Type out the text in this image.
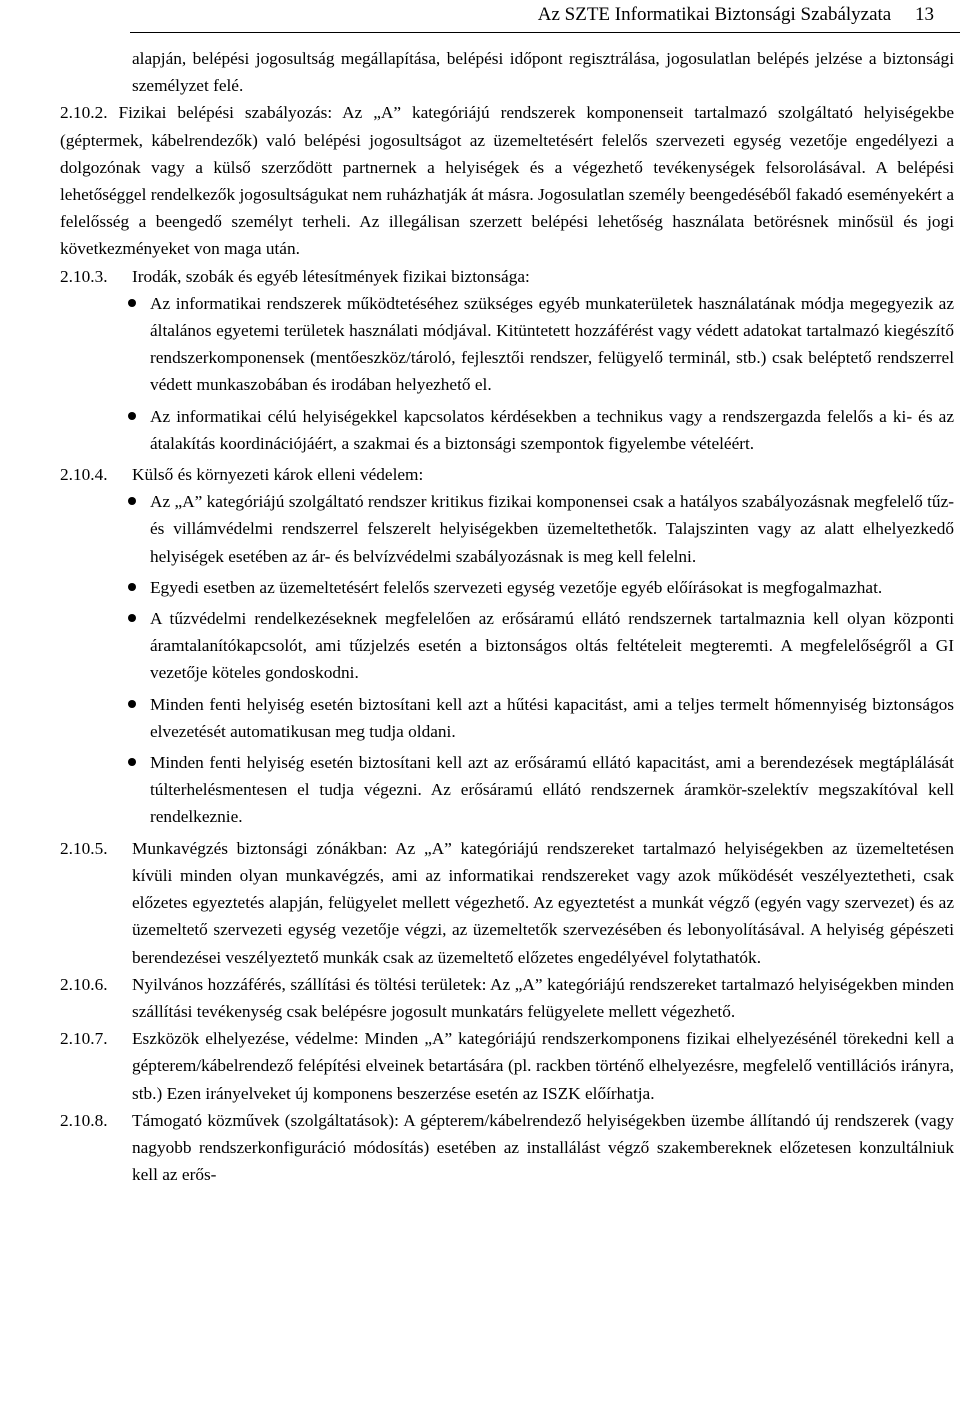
Az SZTE Informatikai Biztonsági Szabályzata 13
alapján, belépési jogosultság megállapítása, belépési időpont regisztrálása, jogosulatlan belépés jelzése a biztonsági személyzet felé.
2.10.2. Fizikai belépési szabályozás: Az „A” kategóriájú rendszerek komponenseit tartalmazó szolgáltató helyiségekbe (géptermek, kábelrendezők) való belépési jogosultságot az üzemeltetésért felelős szervezeti egység vezetője engedélyezi a dolgozónak vagy a külső szerződött partnernek a helyiségek és a végezhető tevékenységek felsorolásával. A belépési lehetőséggel rendelkezők jogosultságukat nem ruházhatják át másra. Jogosulatlan személy beengedéséből fakadó eseményekért a felelősség a beengedő személyt terheli. Az illegálisan szerzett belépési lehetőség használata betörésnek minősül és jogi következményeket von maga után.
2.10.3. Irodák, szobák és egyéb létesítmények fizikai biztonsága:
Az informatikai rendszerek működtetéséhez szükséges egyéb munkaterületek használatának módja megegyezik az általános egyetemi területek használati módjával. Kitüntetett hozzáférést vagy védett adatokat tartalmazó kiegészítő rendszerkomponensek (mentőeszköz/tároló, fejlesztői rendszer, felügyelő terminál, stb.) csak beléptető rendszerrel védett munkaszobában és irodában helyezhető el.
Az informatikai célú helyiségekkel kapcsolatos kérdésekben a technikus vagy a rendszergazda felelős a ki- és az átalakítás koordinációjáért, a szakmai és a biztonsági szempontok figyelembe vételéért.
2.10.4. Külső és környezeti károk elleni védelem:
Az „A” kategóriájú szolgáltató rendszer kritikus fizikai komponensei csak a hatályos szabályozásnak megfelelő tűz- és villámvédelmi rendszerrel felszerelt helyiségekben üzemeltethetők. Talajszinten vagy az alatt elhelyezkedő helyiségek esetében az ár- és belvízvédelmi szabályozásnak is meg kell felelni.
Egyedi esetben az üzemeltetésért felelős szervezeti egység vezetője egyéb előírásokat is megfogalmazhat.
A tűzvédelmi rendelkezéseknek megfelelően az erősáramú ellátó rendszernek tartalmaznia kell olyan központi áramtalanítókapcsolót, ami tűzjelzés esetén a biztonságos oltás feltételeit megteremti. A megfelelőségről a GI vezetője köteles gondoskodni.
Minden fenti helyiség esetén biztosítani kell azt a hűtési kapacitást, ami a teljes termelt hőmennyiség biztonságos elvezetését automatikusan meg tudja oldani.
Minden fenti helyiség esetén biztosítani kell azt az erősáramú ellátó kapacitást, ami a berendezések megtáplálását túlterhelésmentesen el tudja végezni. Az erősáramú ellátó rendszernek áramkör-szelektív megszakítóval kell rendelkeznie.
2.10.5. Munkavégzés biztonsági zónákban: Az „A” kategóriájú rendszereket tartalmazó helyiségekben az üzemeltetésen kívüli minden olyan munkavégzés, ami az informatikai rendszereket vagy azok működését veszélyeztetheti, csak előzetes egyeztetés alapján, felügyelet mellett végezhető. Az egyeztetést a munkát végző (egyén vagy szervezet) és az üzemeltető szervezeti egység vezetője végzi, az üzemeltetők szervezésében és lebonyolításával. A helyiség gépészeti berendezései veszélyeztető munkák csak az üzemeltető előzetes engedélyével folytathatók.
2.10.6. Nyilvános hozzáférés, szállítási és töltési területek: Az „A” kategóriájú rendszereket tartalmazó helyiségekben minden szállítási tevékenység csak belépésre jogosult munkatárs felügyelete mellett végezhető.
2.10.7. Eszközök elhelyezése, védelme: Minden „A” kategóriájú rendszerkomponens fizikai elhelyezésénél törekedni kell a gépterem/kábelrendező felépítési elveinek betartására (pl. rackben történő elhelyezésre, megfelelő ventillációs irányra, stb.) Ezen irányelveket új komponens beszerzése esetén az ISZK előírhatja.
2.10.8. Támogató közművek (szolgáltatások): A gépterem/kábelrendező helyiségekben üzembe állítandó új rendszerek (vagy nagyobb rendszerkonfiguráció módosítás) esetében az installálást végző szakembereknek előzetesen konzultálniuk kell az erős-
